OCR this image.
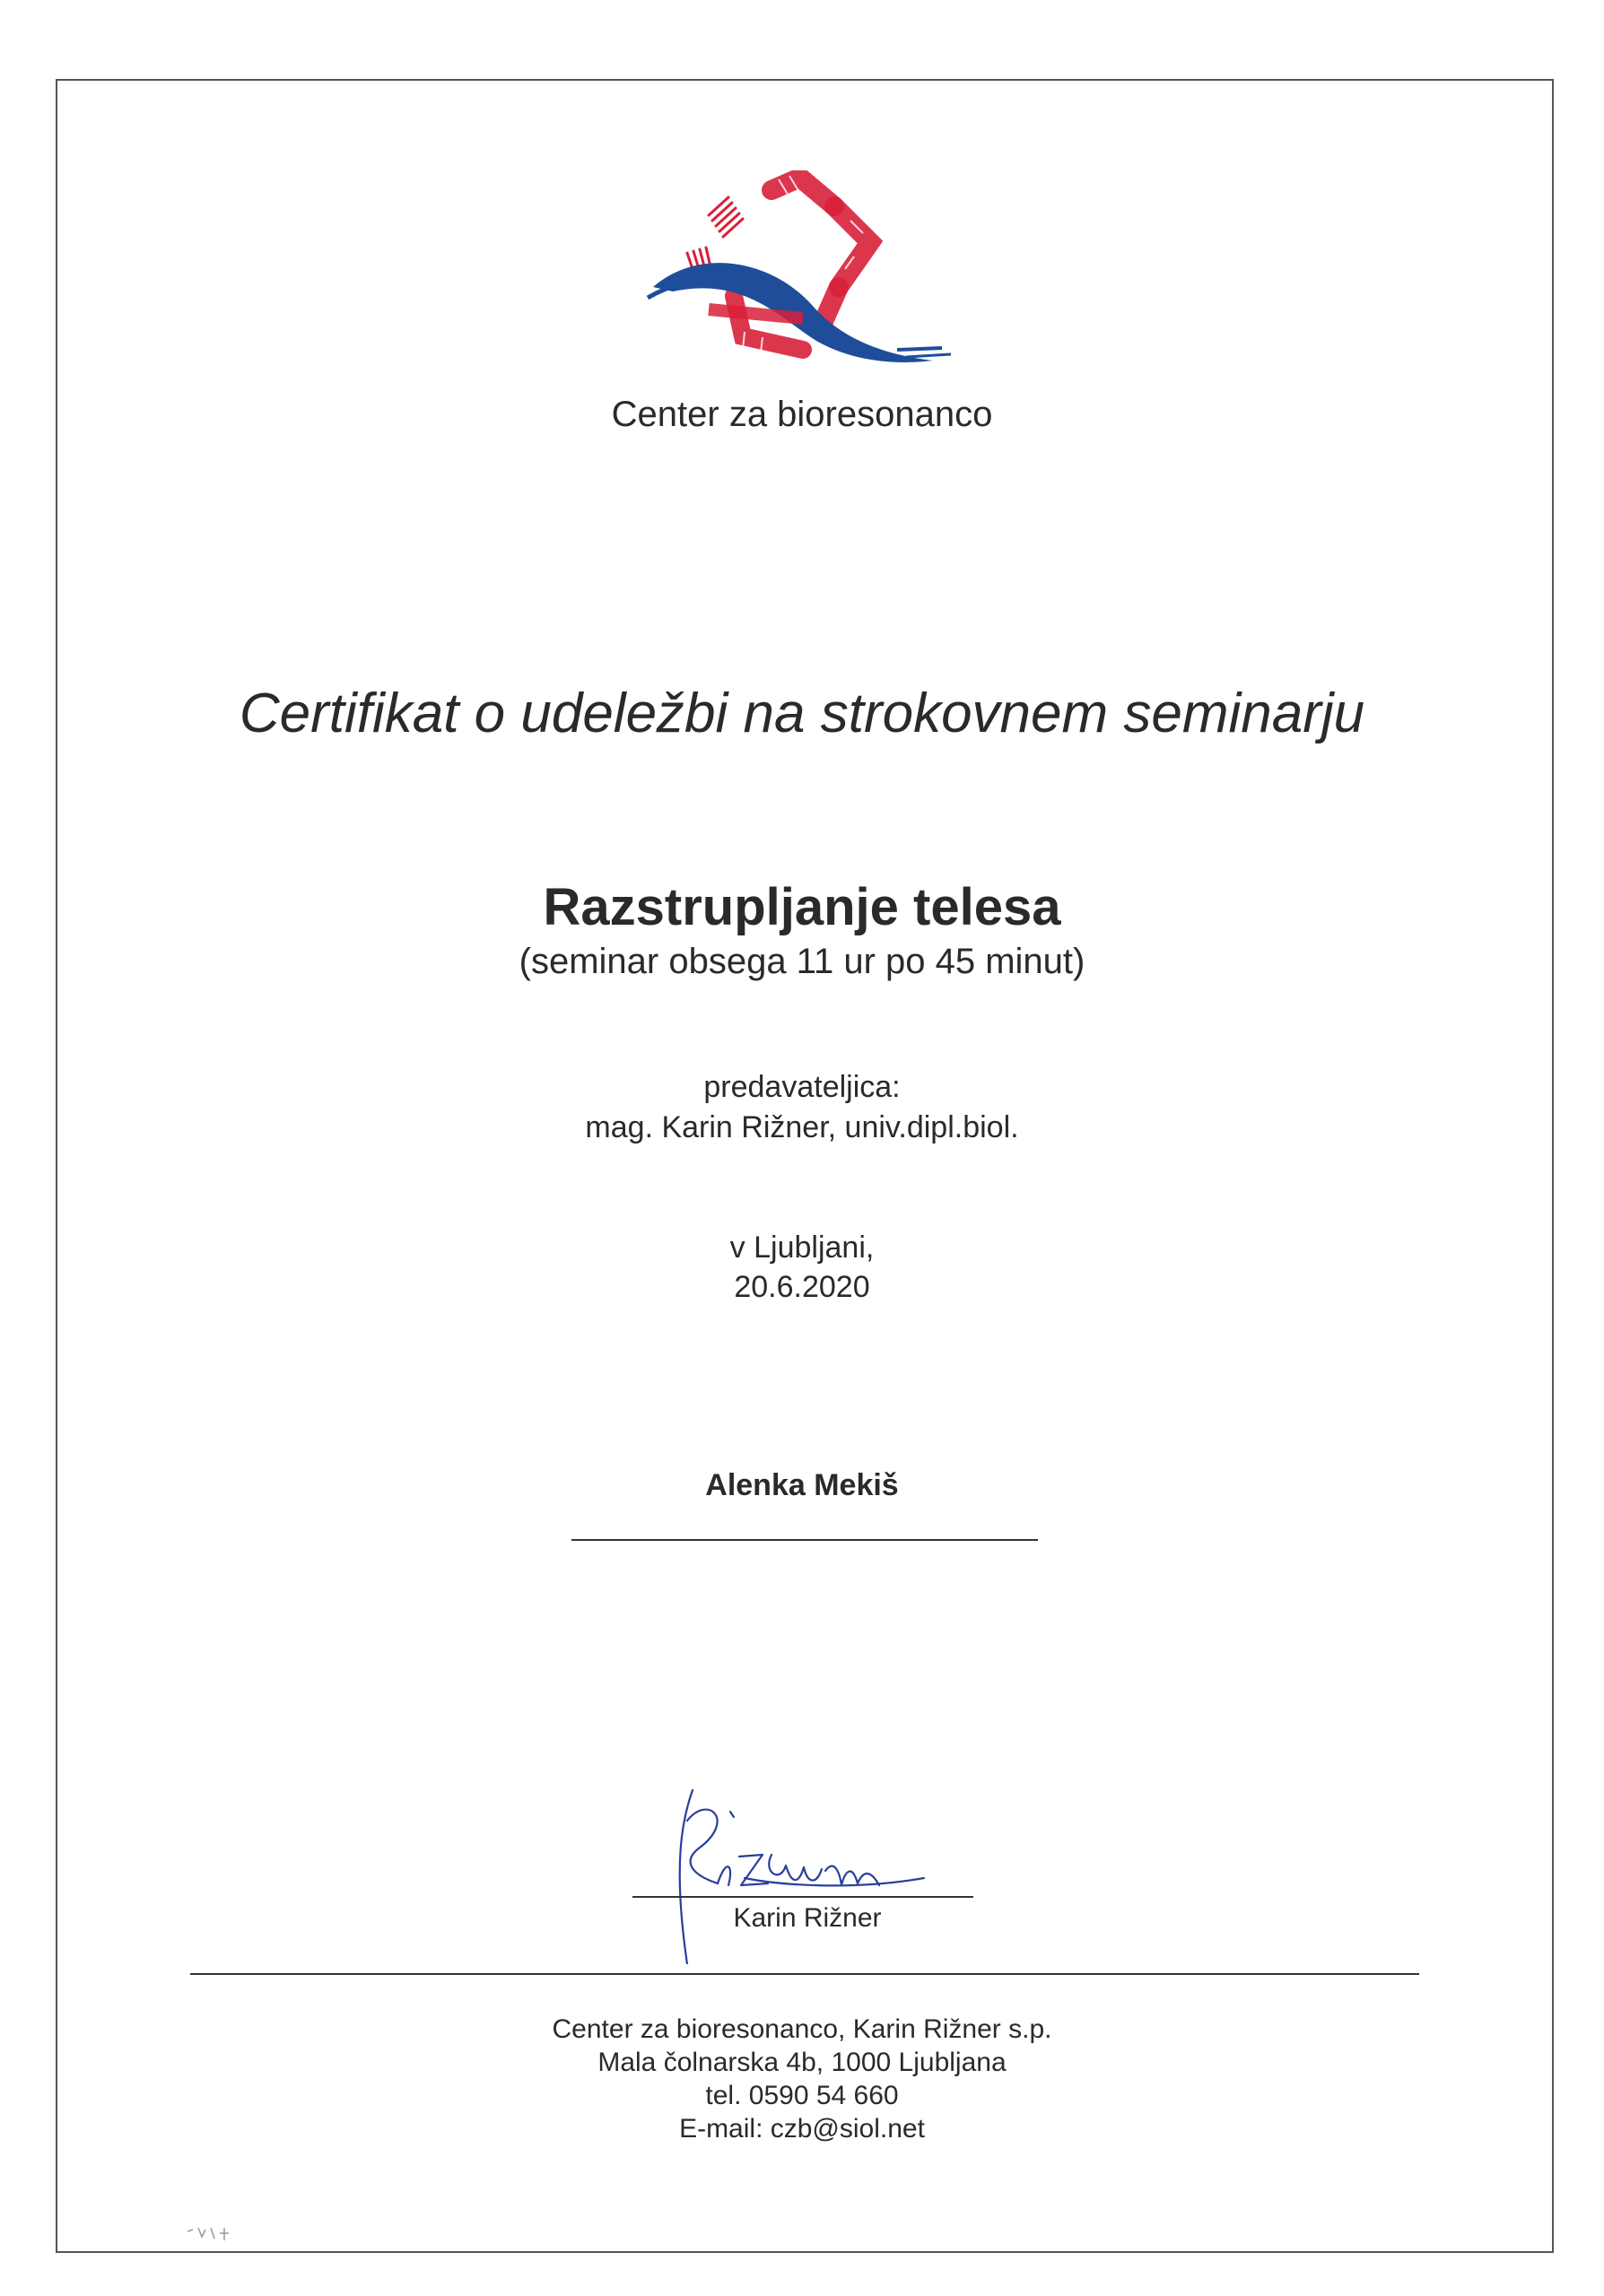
Center za bioresonanco
Certifikat o udeležbi na strokovnem seminarju
Razstrupljanje telesa
(seminar obsega 11 ur po 45 minut)
predavateljica:
mag. Karin Rižner, univ.dipl.biol.
v Ljubljani,
20.6.2020
Alenka Mekiš
Karin Rižner
Center za bioresonanco, Karin Rižner s.p.
Mala čolnarska 4b, 1000 Ljubljana
tel. 0590 54 660
E-mail: czb@siol.net
